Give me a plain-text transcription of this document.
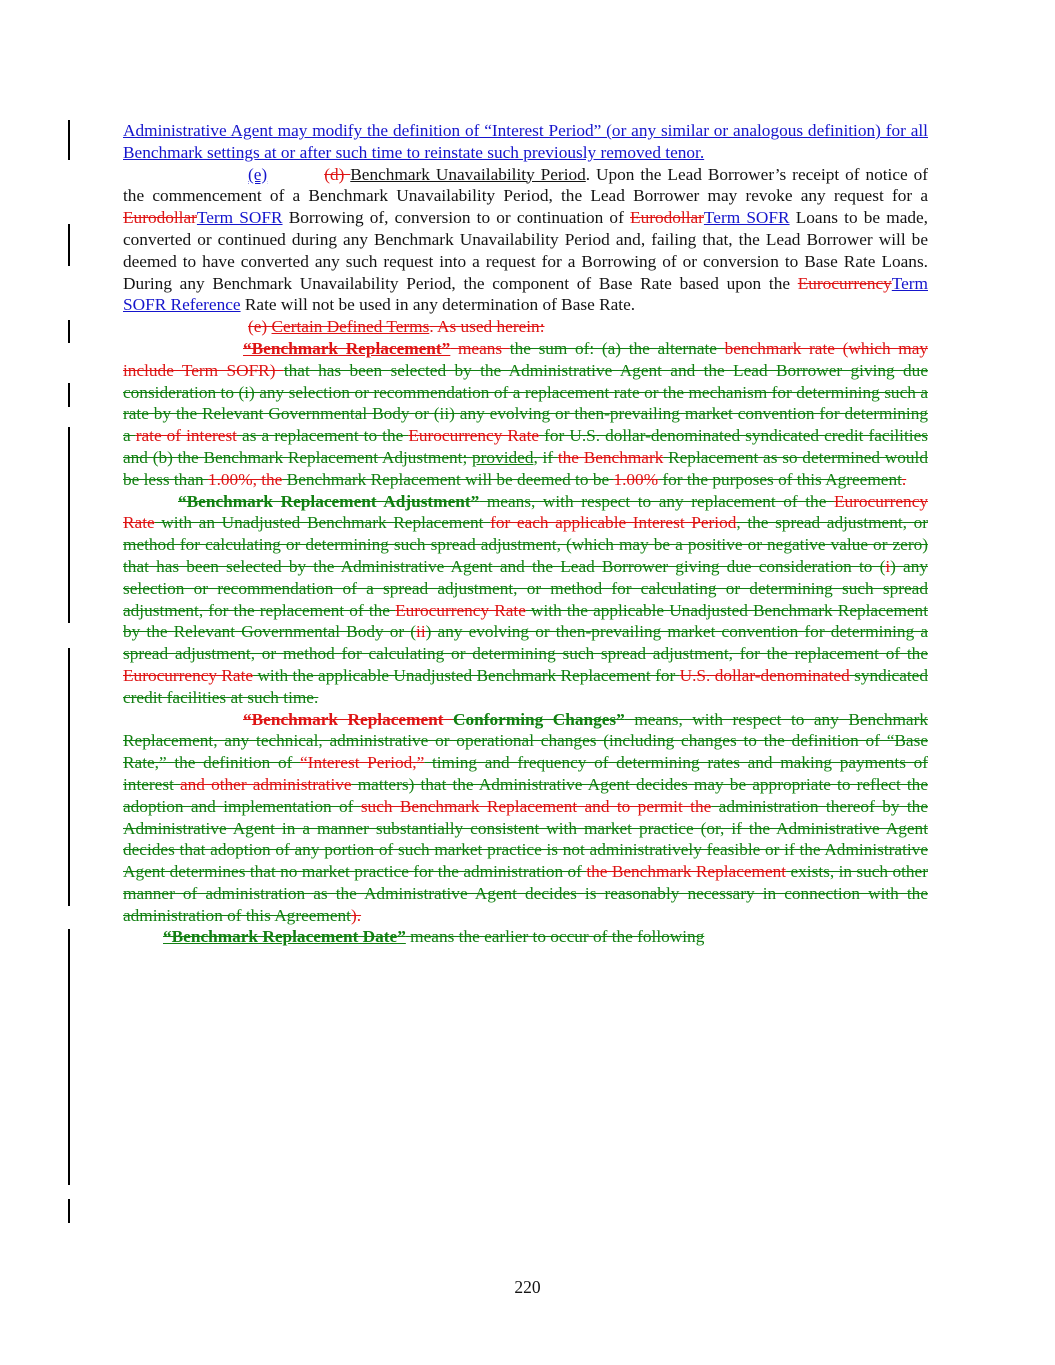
Administrative Agent may modify the definition of “Interest Period” (or any similar or analogous definition) for all Benchmark settings at or after such time to reinstate such previously removed tenor.

(e)	(d) Benchmark Unavailability Period. Upon the Lead Borrower’s receipt of notice of the commencement of a Benchmark Unavailability Period, the Lead Borrower may revoke any request for a EurodollarTerm SOFR Borrowing of, conversion to or continuation of EurodollarTerm SOFR Loans to be made, converted or continued during any Benchmark Unavailability Period and, failing that, the Lead Borrower will be deemed to have converted any such request into a request for a Borrowing of or conversion to Base Rate Loans. During any Benchmark Unavailability Period, the component of Base Rate based upon the EurocurrencyTerm SOFR Reference Rate will not be used in any determination of Base Rate.

(e) Certain Defined Terms. As used herein:

“Benchmark Replacement” means the sum of: (a) the alternate benchmark rate (which may include Term SOFR) that has been selected by the Administrative Agent and the Lead Borrower giving due consideration to (i) any selection or recommendation of a replacement rate or the mechanism for determining such a rate by the Relevant Governmental Body or (ii) any evolving or then-prevailing market convention for determining a rate of interest as a replacement to the Eurocurrency Rate for U.S. dollar-denominated syndicated credit facilities and (b) the Benchmark Replacement Adjustment; provided, if the Benchmark Replacement as so determined would be less than 1.00%, the Benchmark Replacement will be deemed to be 1.00% for the purposes of this Agreement.

“Benchmark Replacement Adjustment” means, with respect to any replacement of the Eurocurrency Rate with an Unadjusted Benchmark Replacement for each applicable Interest Period, the spread adjustment, or method for calculating or determining such spread adjustment, (which may be a positive or negative value or zero) that has been selected by the Administrative Agent and the Lead Borrower giving due consideration to (i) any selection or recommendation of a spread adjustment, or method for calculating or determining such spread adjustment, for the replacement of the Eurocurrency Rate with the applicable Unadjusted Benchmark Replacement by the Relevant Governmental Body or (ii) any evolving or then-prevailing market convention for determining a spread adjustment, or method for calculating or determining such spread adjustment, for the replacement of the Eurocurrency Rate with the applicable Unadjusted Benchmark Replacement for U.S. dollar-denominated syndicated credit facilities at such time.

“Benchmark Replacement Conforming Changes” means, with respect to any Benchmark Replacement, any technical, administrative or operational changes (including changes to the definition of “Base Rate,” the definition of “Interest Period,” timing and frequency of determining rates and making payments of interest and other administrative matters) that the Administrative Agent decides may be appropriate to reflect the adoption and implementation of such Benchmark Replacement and to permit the administration thereof by the Administrative Agent in a manner substantially consistent with market practice (or, if the Administrative Agent decides that adoption of any portion of such market practice is not administratively feasible or if the Administrative Agent determines that no market practice for the administration of the Benchmark Replacement exists, in such other manner of administration as the Administrative Agent decides is reasonably necessary in connection with the administration of this Agreement).

“Benchmark Replacement Date” means the earlier to occur of the following

220
